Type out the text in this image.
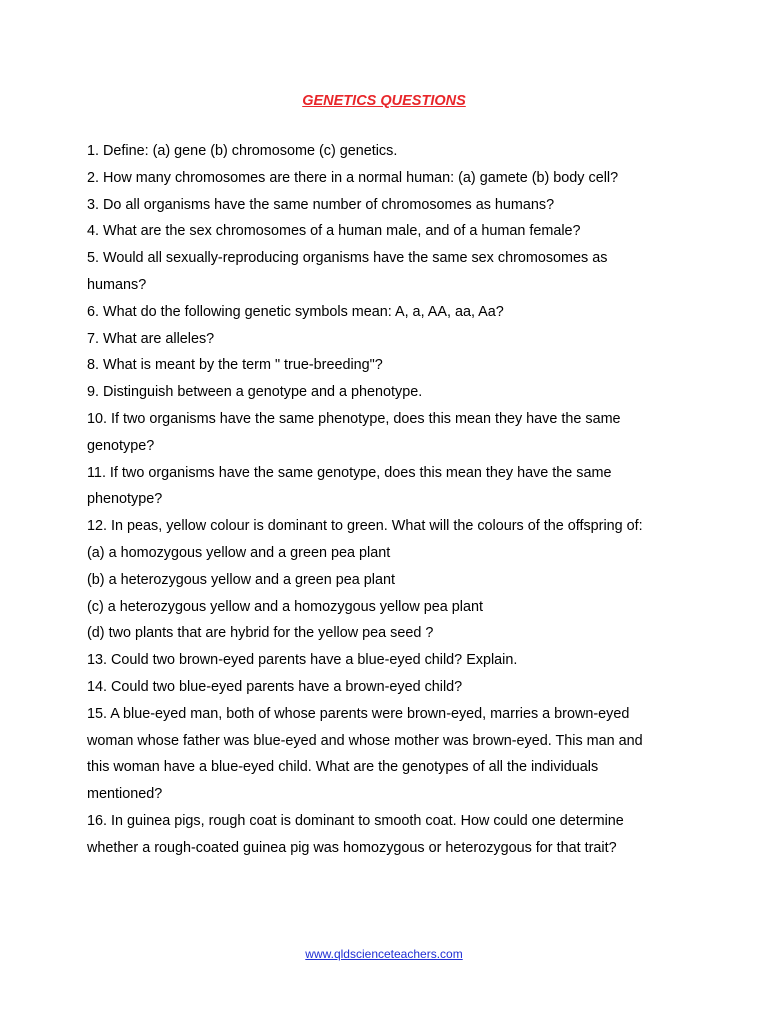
GENETICS QUESTIONS
1. Define: (a) gene (b) chromosome (c) genetics.
2. How many chromosomes are there in a normal human: (a) gamete (b) body cell?
3. Do all organisms have the same number of chromosomes as humans?
4. What are the sex chromosomes of a human male, and of a human female?
5. Would all sexually-reproducing organisms have the same sex chromosomes as
humans?
6. What do the following genetic symbols mean: A, a, AA, aa, Aa?
7. What are alleles?
8. What is meant by the term " true-breeding"?
9. Distinguish between a genotype and a phenotype.
10. If two organisms have the same phenotype, does this mean they have the same
genotype?
11. If two organisms have the same genotype, does this mean they have the same
phenotype?
12. In peas, yellow colour is dominant to green. What will the colours of the offspring of:
(a) a homozygous yellow and a green pea plant
(b) a heterozygous yellow and a green pea plant
(c) a heterozygous yellow and a homozygous yellow pea plant
(d) two plants that are hybrid for the yellow pea seed ?
13. Could two brown-eyed parents have a blue-eyed child? Explain.
14. Could two blue-eyed parents have a brown-eyed child?
15. A blue-eyed man, both of whose parents were brown-eyed, marries a brown-eyed
woman whose father was blue-eyed and whose mother was brown-eyed. This man and
this woman have a blue-eyed child. What are the genotypes of all the individuals
mentioned?
16. In guinea pigs, rough coat is dominant to smooth coat. How could one determine
whether a rough-coated guinea pig was homozygous or heterozygous for that trait?
www.qldscienceteachers.com
